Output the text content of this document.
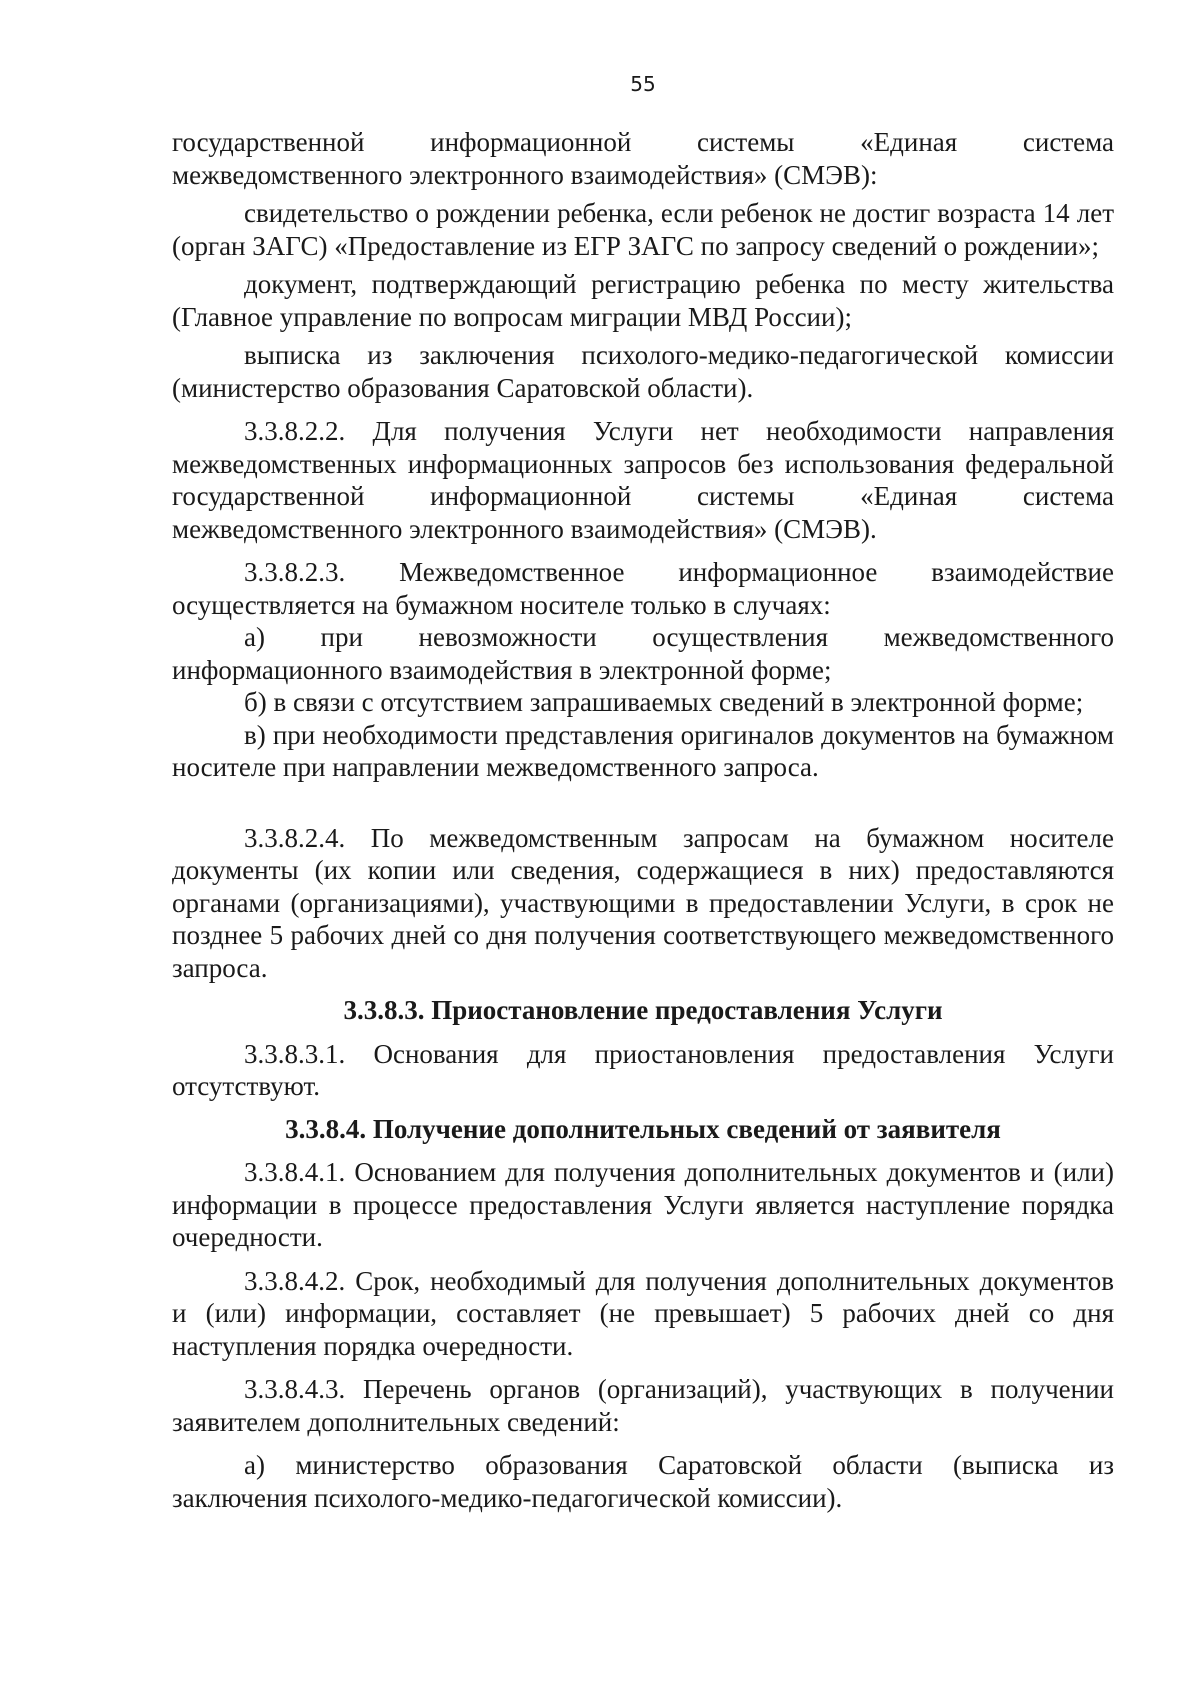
55

государственной информационной системы «Единая система межведомственного электронного взаимодействия» (СМЭВ):

свидетельство о рождении ребенка, если ребенок не достиг возраста 14 лет (орган ЗАГС) «Предоставление из ЕГР ЗАГС по запросу сведений о рождении»;

документ, подтверждающий регистрацию ребенка по месту жительства (Главное управление по вопросам миграции МВД России);

выписка из заключения психолого-медико-педагогической комиссии (министерство образования Саратовской области).

3.3.8.2.2. Для получения Услуги нет необходимости направления межведомственных информационных запросов без использования федеральной государственной информационной системы «Единая система межведомственного электронного взаимодействия» (СМЭВ).

3.3.8.2.3. Межведомственное информационное взаимодействие осуществляется на бумажном носителе только в случаях:

а) при невозможности осуществления межведомственного информационного взаимодействия в электронной форме;

б) в связи с отсутствием запрашиваемых сведений в электронной форме;

в) при необходимости представления оригиналов документов на бумажном носителе при направлении межведомственного запроса.

3.3.8.2.4. По межведомственным запросам на бумажном носителе документы (их копии или сведения, содержащиеся в них) предоставляются органами (организациями), участвующими в предоставлении Услуги, в срок не позднее 5 рабочих дней со дня получения соответствующего межведомственного запроса.

3.3.8.3. Приостановление предоставления Услуги

3.3.8.3.1. Основания для приостановления предоставления Услуги отсутствуют.

3.3.8.4. Получение дополнительных сведений от заявителя

3.3.8.4.1. Основанием для получения дополнительных документов и (или) информации в процессе предоставления Услуги является наступление порядка очередности.

3.3.8.4.2. Срок, необходимый для получения дополнительных документов и (или) информации, составляет (не превышает) 5 рабочих дней со дня наступления порядка очередности.

3.3.8.4.3. Перечень органов (организаций), участвующих в получении заявителем дополнительных сведений:

а) министерство образования Саратовской области (выписка из заключения психолого-медико-педагогической комиссии).
